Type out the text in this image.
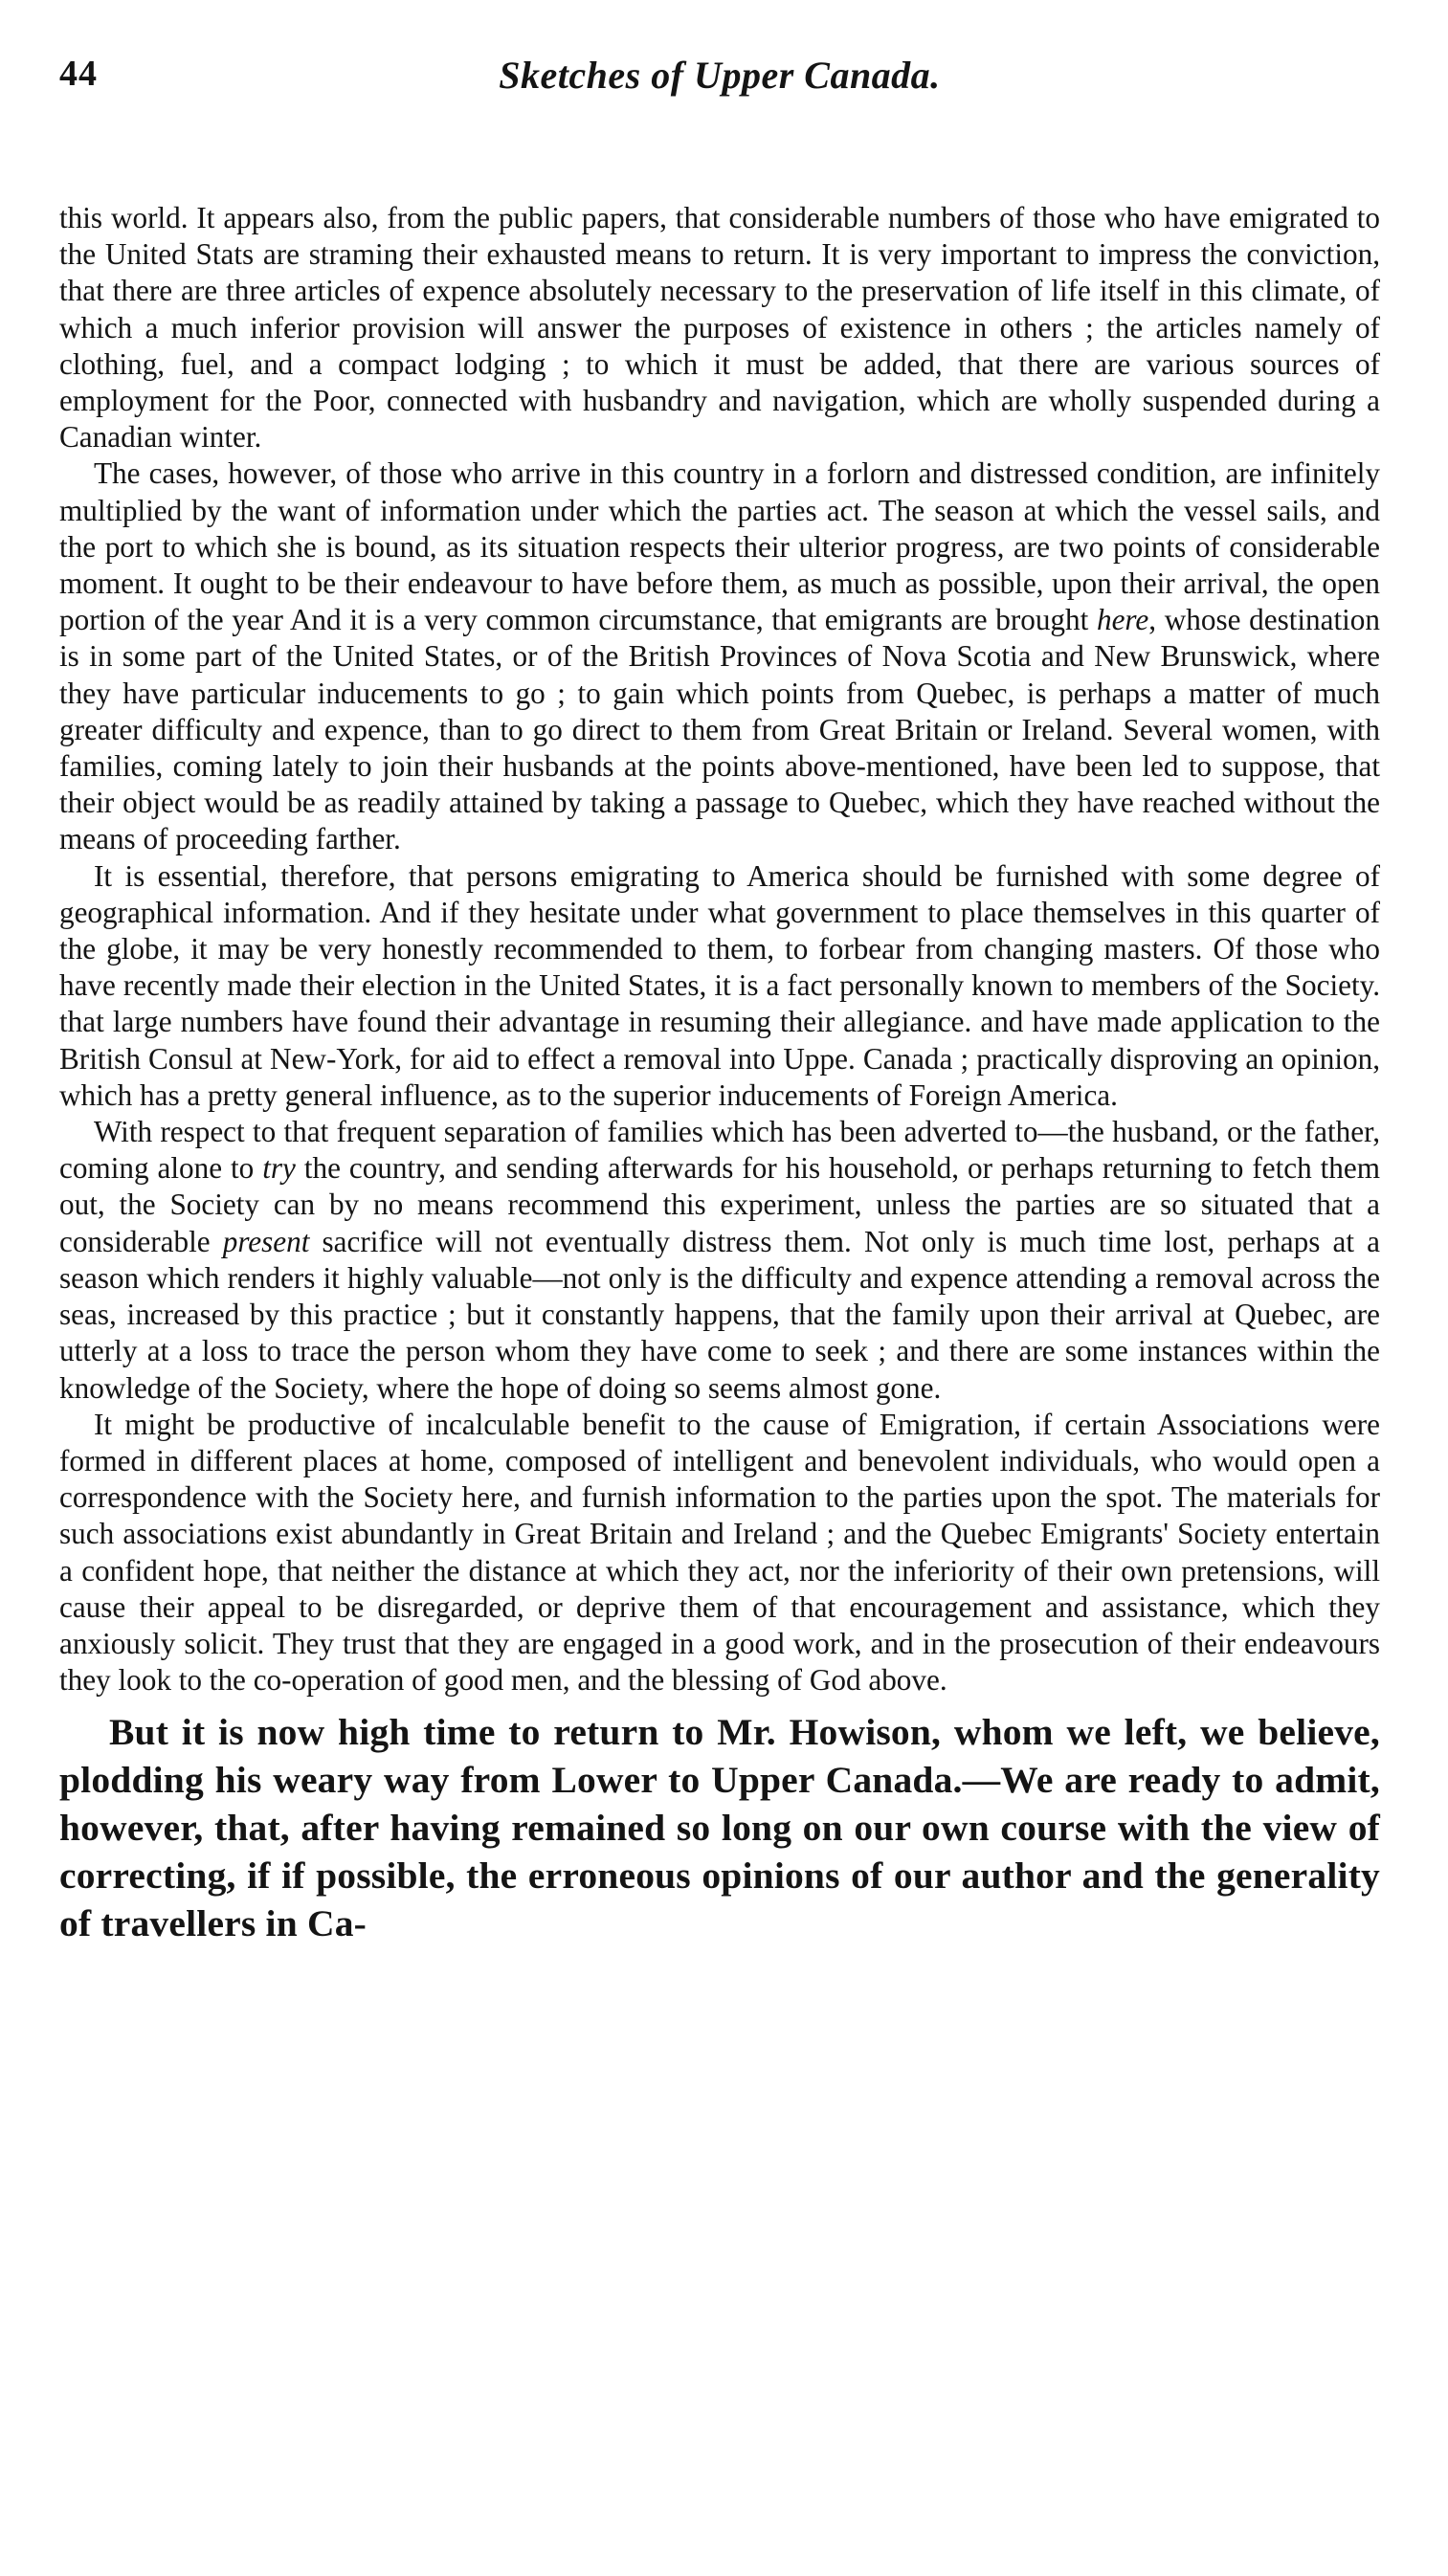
44	Sketches of Upper Canada.

this world. It appears also, from the public papers, that considerable numbers of those who have emigrated to the United Stats are straming their exhausted means to return. It is very important to impress the conviction, that there are three articles of expence absolutely necessary to the preservation of life itself in this climate, of which a much inferior provision will answer the purposes of existence in others ; the articles namely of clothing, fuel, and a compact lodging ; to which it must be added, that there are various sources of employment for the Poor, connected with husbandry and navigation, which are wholly suspended during a Canadian winter.

The cases, however, of those who arrive in this country in a forlorn and distressed condition, are infinitely multiplied by the want of information under which the parties act. The season at which the vessel sails, and the port to which she is bound, as its situation respects their ulterior progress, are two points of considerable moment. It ought to be their endeavour to have before them, as much as possible, upon their arrival, the open portion of the year And it is a very common circumstance, that emigrants are brought here, whose destination is in some part of the United States, or of the British Provinces of Nova Scotia and New Brunswick, where they have particular inducements to go ; to gain which points from Quebec, is perhaps a matter of much greater difficulty and expence, than to go direct to them from Great Britain or Ireland. Several women, with families, coming lately to join their husbands at the points above-mentioned, have been led to suppose, that their object would be as readily attained by taking a passage to Quebec, which they have reached without the means of proceeding farther.

It is essential, therefore, that persons emigrating to America should be furnished with some degree of geographical information. And if they hesitate under what government to place themselves in this quarter of the globe, it may be very honestly recommended to them, to forbear from changing masters. Of those who have recently made their election in the United States, it is a fact personally known to members of the Society. that large numbers have found their advantage in resuming their allegiance. and have made application to the British Consul at New-York, for aid to effect a removal into Uppe. Canada ; practically disproving an opinion, which has a pretty general influence, as to the superior inducements of Foreign America.

With respect to that frequent separation of families which has been adverted to—the husband, or the father, coming alone to try the country, and sending afterwards for his household, or perhaps returning to fetch them out, the Society can by no means recommend this experiment, unless the parties are so situated that a considerable present sacrifice will not eventually distress them. Not only is much time lost, perhaps at a season which renders it highly valuable—not only is the difficulty and expence attending a removal across the seas, increased by this practice ; but it constantly happens, that the family upon their arrival at Quebec, are utterly at a loss to trace the person whom they have come to seek ; and there are some instances within the knowledge of the Society, where the hope of doing so seems almost gone.

It might be productive of incalculable benefit to the cause of Emigration, if certain Associations were formed in different places at home, composed of intelligent and benevolent individuals, who would open a correspondence with the Society here, and furnish information to the parties upon the spot. The materials for such associations exist abundantly in Great Britain and Ireland ; and the Quebec Emigrants' Society entertain a confident hope, that neither the distance at which they act, nor the inferiority of their own pretensions, will cause their appeal to be disregarded, or deprive them of that encouragement and assistance, which they anxiously solicit. They trust that they are engaged in a good work, and in the prosecution of their endeavours they look to the co-operation of good men, and the blessing of God above.

But it is now high time to return to Mr. Howison, whom we left, we believe, plodding his weary way from Lower to Upper Canada.—We are ready to admit, however, that, after having remained so long on our own course with the view of correcting, if if possible, the erroneous opinions of our author and the generality of travellers in Ca-
